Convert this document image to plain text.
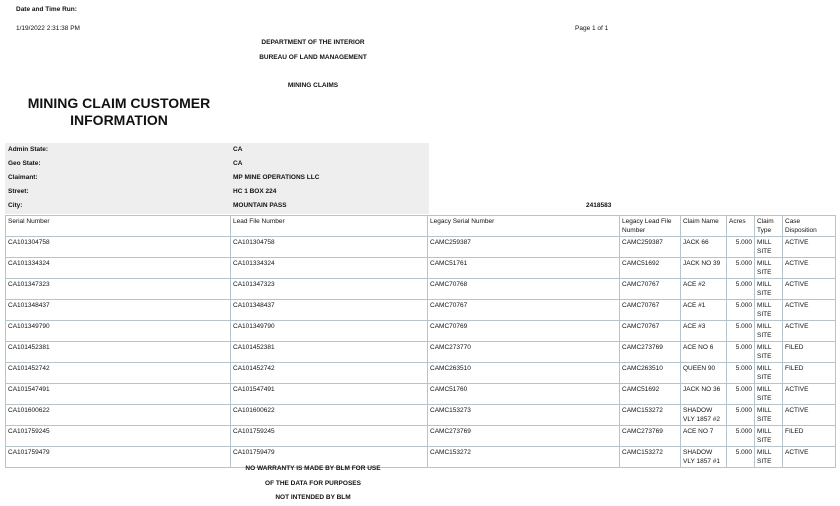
Date and Time Run:
1/19/2022 2:31:38 PM	Page 1 of 1
DEPARTMENT OF THE INTERIOR
BUREAU OF LAND MANAGEMENT
MINING CLAIMS
MINING CLAIM CUSTOMER
INFORMATION
Admin State:	CA
Geo State:	CA
Claimant:	MP MINE OPERATIONS LLC
Street:	HC 1 BOX 224
City:	MOUNTAIN PASS	2418583
Serial Number	Lead File Number	Legacy Serial Number	Legacy Lead File Number	Claim Name	Acres	Claim Type	Case Disposition
CA101304758	CA101304758	CAMC259387	CAMC259387	JACK 66	5.000	MILL SITE	ACTIVE
CA101334324	CA101334324	CAMC51761	CAMC51692	JACK NO 39	5.000	MILL SITE	ACTIVE
CA101347323	CA101347323	CAMC70768	CAMC70767	ACE #2	5.000	MILL SITE	ACTIVE
CA101348437	CA101348437	CAMC70767	CAMC70767	ACE #1	5.000	MILL SITE	ACTIVE
CA101349790	CA101349790	CAMC70769	CAMC70767	ACE #3	5.000	MILL SITE	ACTIVE
CA101452381	CA101452381	CAMC273770	CAMC273769	ACE NO 6	5.000	MILL SITE	FILED
CA101452742	CA101452742	CAMC263510	CAMC263510	QUEEN 90	5.000	MILL SITE	FILED
CA101547491	CA101547491	CAMC51760	CAMC51692	JACK NO 36	5.000	MILL SITE	ACTIVE
CA101600622	CA101600622	CAMC153273	CAMC153272	SHADOW VLY 1857 #2	5.000	MILL SITE	ACTIVE
CA101759245	CA101759245	CAMC273769	CAMC273769	ACE NO 7	5.000	MILL SITE	FILED
CA101759479	CA101759479	CAMC153272	CAMC153272	SHADOW VLY 1857 #1	5.000	MILL SITE	ACTIVE
NO WARRANTY IS MADE BY BLM FOR USE
OF THE DATA FOR PURPOSES
NOT INTENDED BY BLM
